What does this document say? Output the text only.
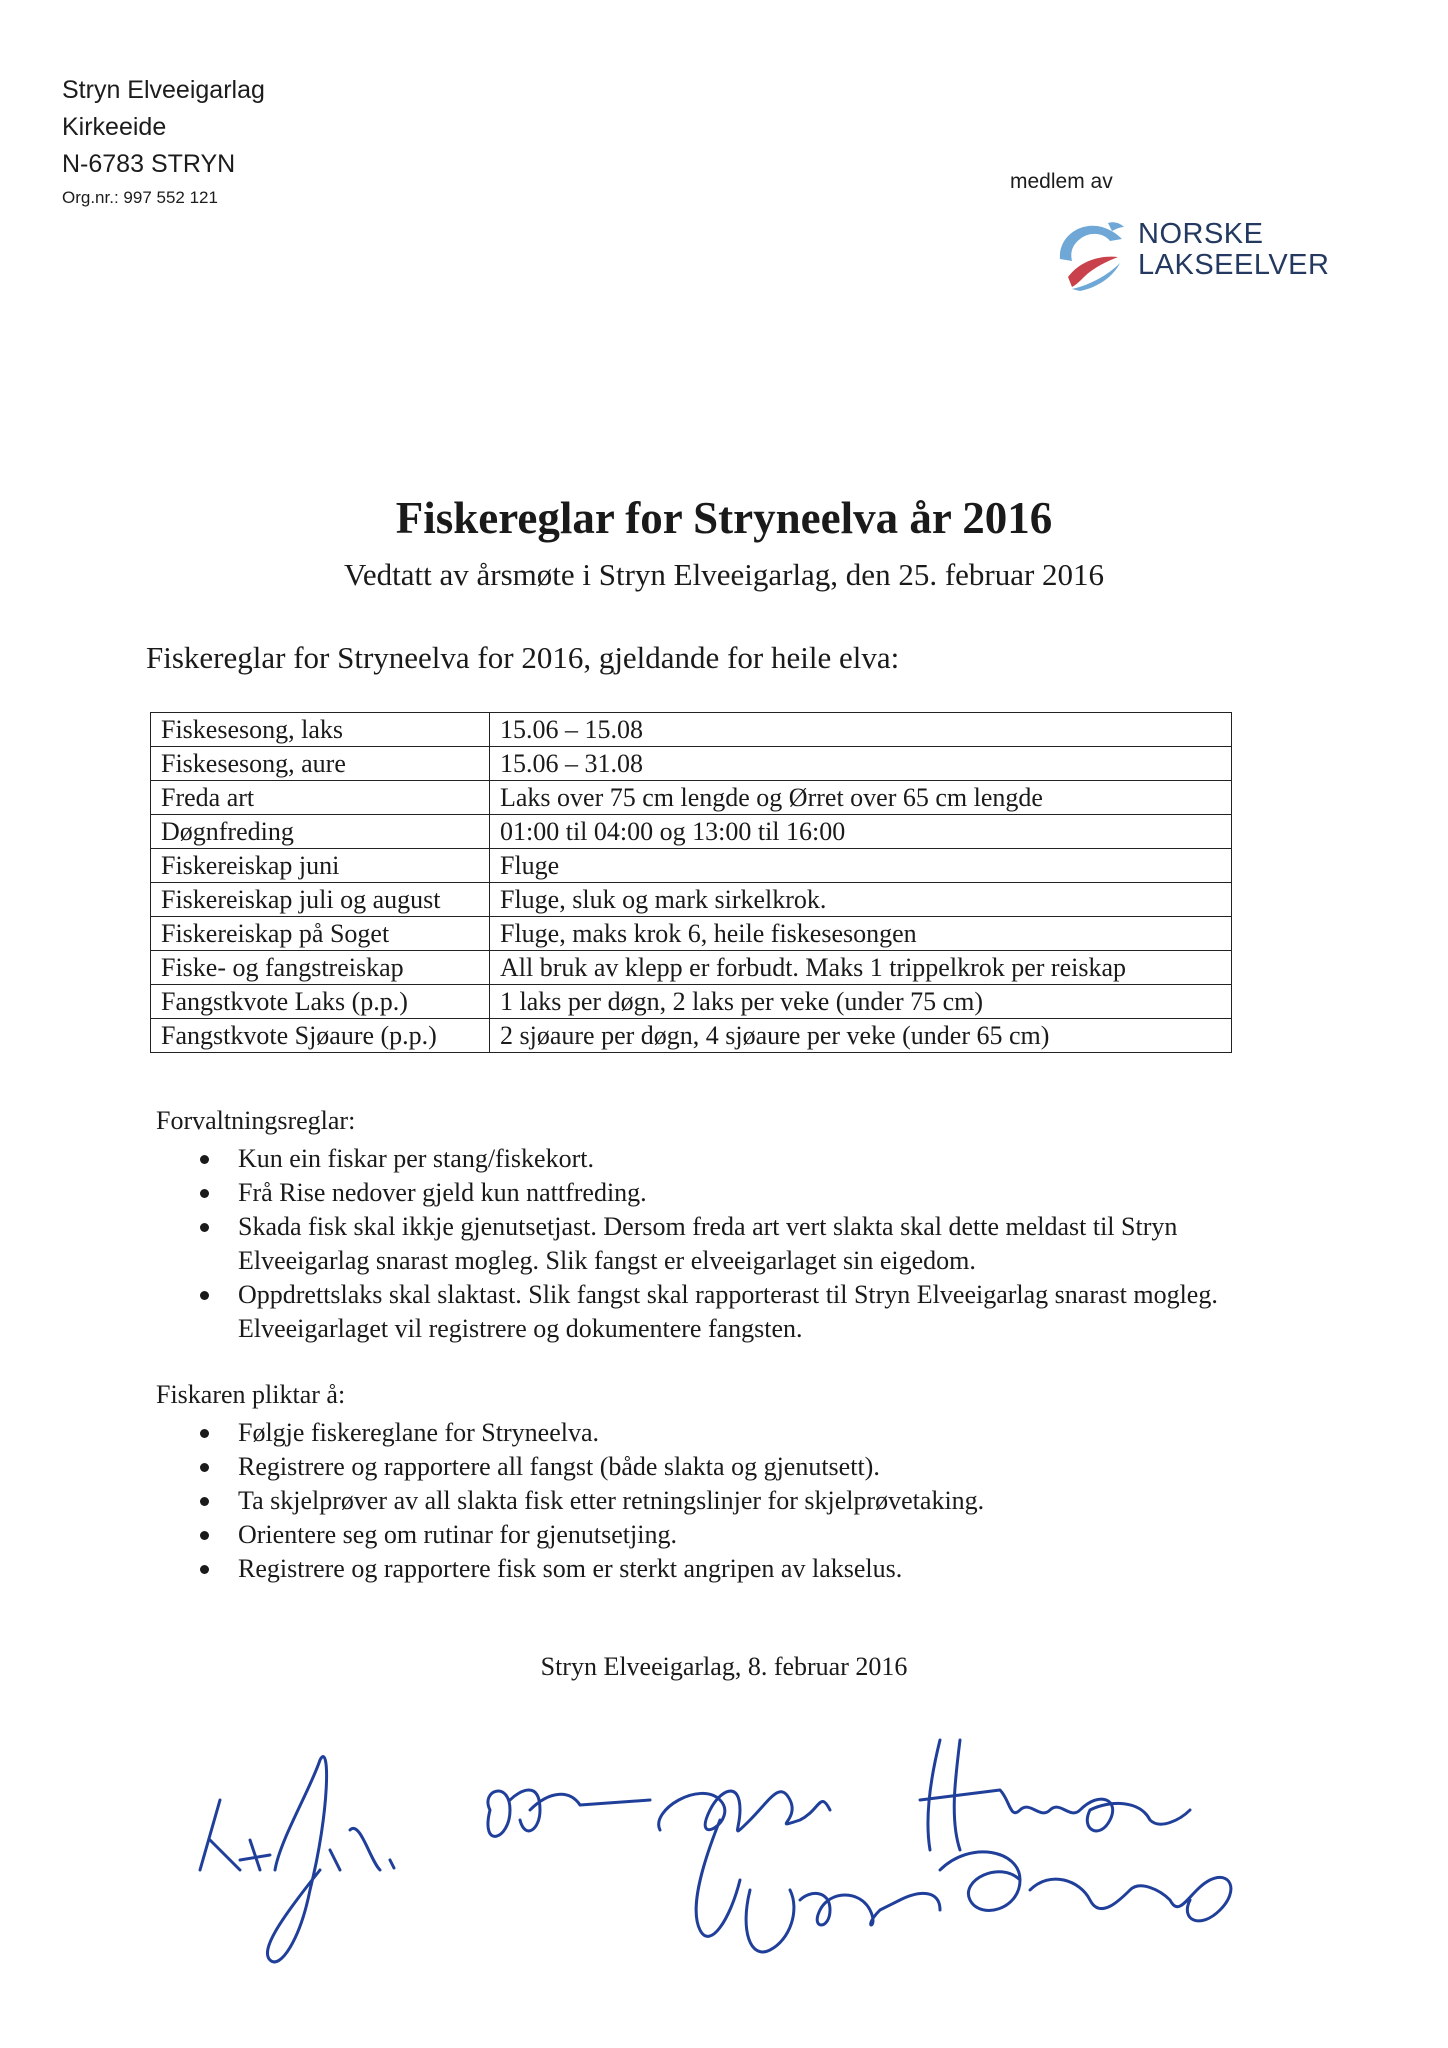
Stryn Elveeigarlag
Kirkeeide
N-6783 STRYN
Org.nr.: 997 552 121
medlem av
NORSKE
LAKSEELVER
Fiskereglar for Stryneelva år 2016
Vedtatt av årsmøte i Stryn Elveeigarlag, den 25. februar 2016
Fiskereglar for Stryneelva for 2016, gjeldande for heile elva:
Fiskesesong, laks	15.06 – 15.08
Fiskesesong, aure	15.06 – 31.08
Freda art	Laks over 75 cm lengde og Ørret over 65 cm lengde
Døgnfreding	01:00 til 04:00 og 13:00 til 16:00
Fiskereiskap juni	Fluge
Fiskereiskap juli og august	Fluge, sluk og mark sirkelkrok.
Fiskereiskap på Soget	Fluge, maks krok 6, heile fiskesesongen
Fiske- og fangstreiskap	All bruk av klepp er forbudt. Maks 1 trippelkrok per reiskap
Fangstkvote Laks (p.p.)	1 laks per døgn, 2 laks per veke (under 75 cm)
Fangstkvote Sjøaure (p.p.)	2 sjøaure per døgn, 4 sjøaure per veke (under 65 cm)
Forvaltningsreglar:
Kun ein fiskar per stang/fiskekort.
Frå Rise nedover gjeld kun nattfreding.
Skada fisk skal ikkje gjenutsetjast. Dersom freda art vert slakta skal dette meldast til Stryn Elveeigarlag snarast mogleg. Slik fangst er elveeigarlaget sin eigedom.
Oppdrettslaks skal slaktast. Slik fangst skal rapporterast til Stryn Elveeigarlag snarast mogleg. Elveeigarlaget vil registrere og dokumentere fangsten.
Fiskaren pliktar å:
Følgje fiskereglane for Stryneelva.
Registrere og rapportere all fangst (både slakta og gjenutsett).
Ta skjelprøver av all slakta fisk etter retningslinjer for skjelprøvetaking.
Orientere seg om rutinar for gjenutsetjing.
Registrere og rapportere fisk som er sterkt angripen av lakselus.
Stryn Elveeigarlag, 8. februar 2016
